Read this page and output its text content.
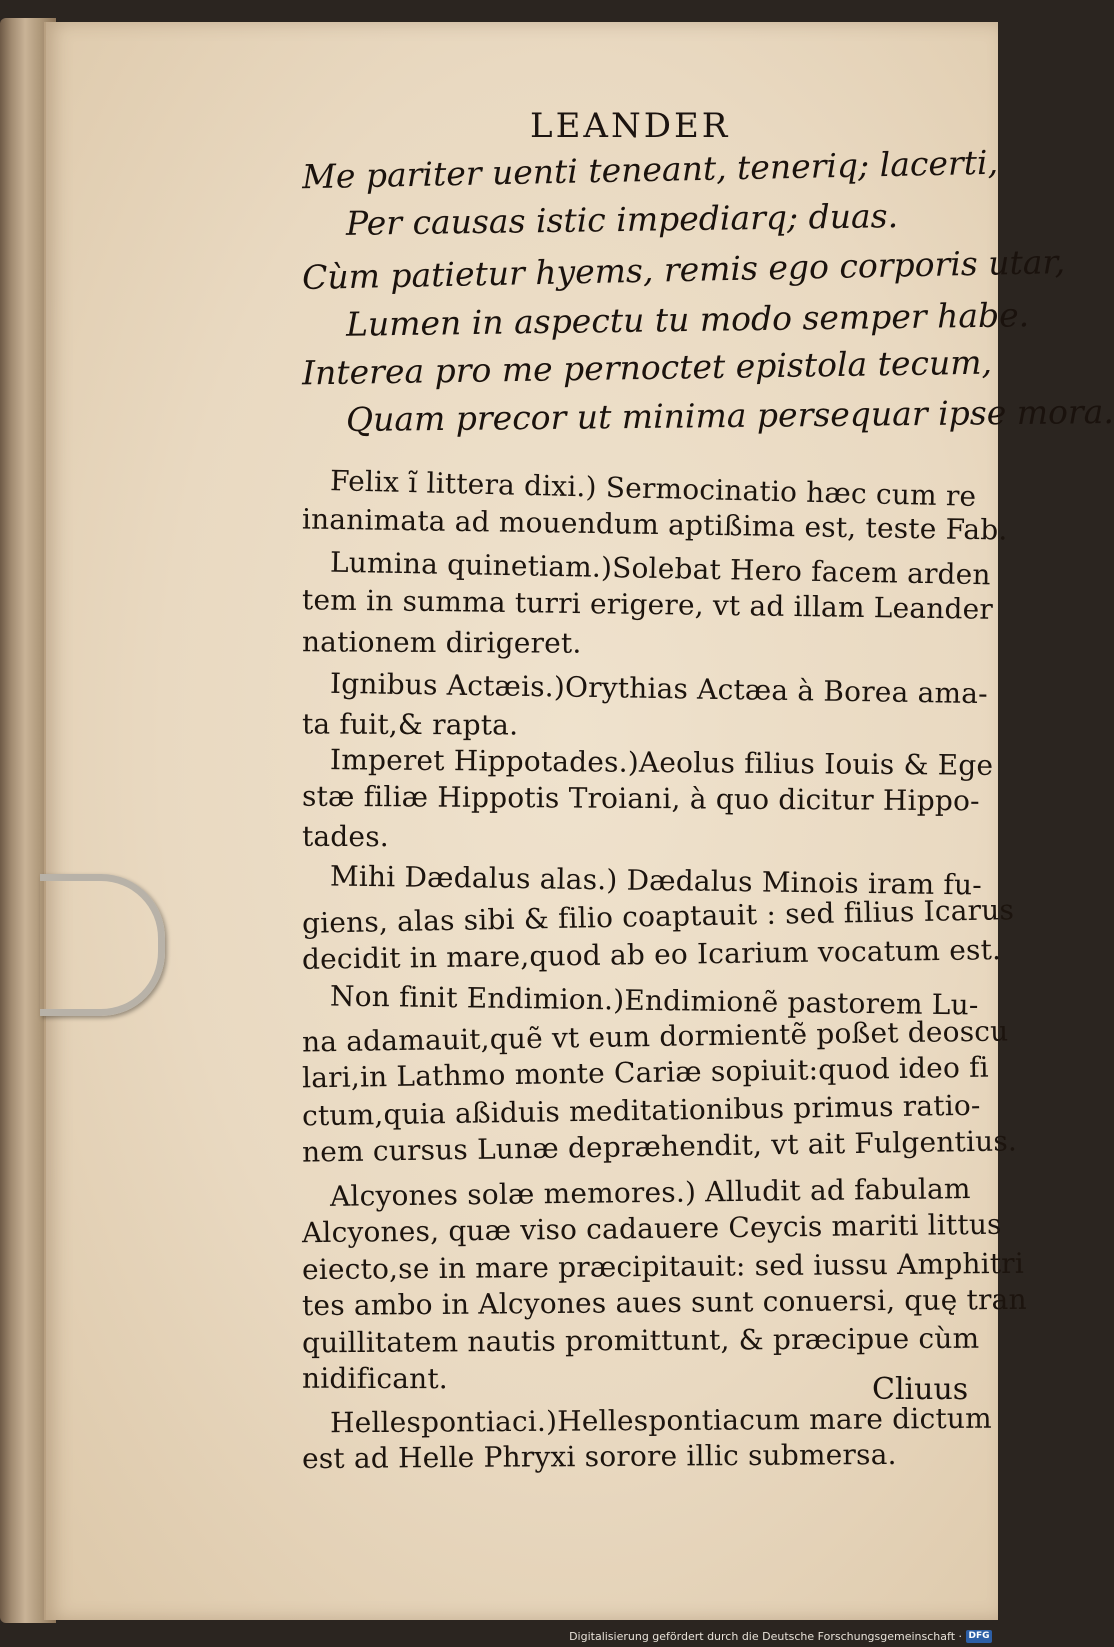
LEANDER
Me pariter uenti teneant, teneriq; lacerti,
Per causas istic impediarq; duas.
Cùm patietur hyems, remis ego corporis utar,
Lumen in aspectu tu modo semper habe.
Interea pro me pernoctet epistola tecum,
Quam precor ut minima persequar ipse mora.
Felix ĩ littera dixi.) Sermocinatio hæc cum re
inanimata ad mouendum aptißima est, teste Fab.
Lumina quinetiam.)Solebat Hero facem arden
tem in summa turri erigere, vt ad illam Leander
nationem dirigeret.
Ignibus Actæis.)Orythias Actæa à Borea ama-
ta fuit,& rapta.
Imperet Hippotades.)Aeolus filius Iouis & Ege
stæ filiæ Hippotis Troiani, à quo dicitur Hippo-
tades.
Mihi Dædalus alas.) Dædalus Minois iram fu-
giens, alas sibi & filio coaptauit : sed filius Icarus
decidit in mare,quod ab eo Icarium vocatum est.
Non finit Endimion.)Endimionẽ pastorem Lu-
na adamauit,quẽ vt eum dormientẽ poßet deoscu
lari,in Lathmo monte Cariæ sopiuit:quod ideo fi
ctum,quia aßiduis meditationibus primus ratio-
nem cursus Lunæ depræhendit, vt ait Fulgentius.
Alcyones solæ memores.) Alludit ad fabulam
Alcyones, quæ viso cadauere Ceycis mariti littus
eiecto,se in mare præcipitauit: sed iussu Amphitri
tes ambo in Alcyones aues sunt conuersi, quę tran
quillitatem nautis promittunt, & præcipue cùm
nidificant.
Hellespontiaci.)Hellespontiacum mare dictum
est ad Helle Phryxi sorore illic submersa.
Cliuus
Digitalisierung gefördert durch die Deutsche Forschungsgemeinschaft · DFG
